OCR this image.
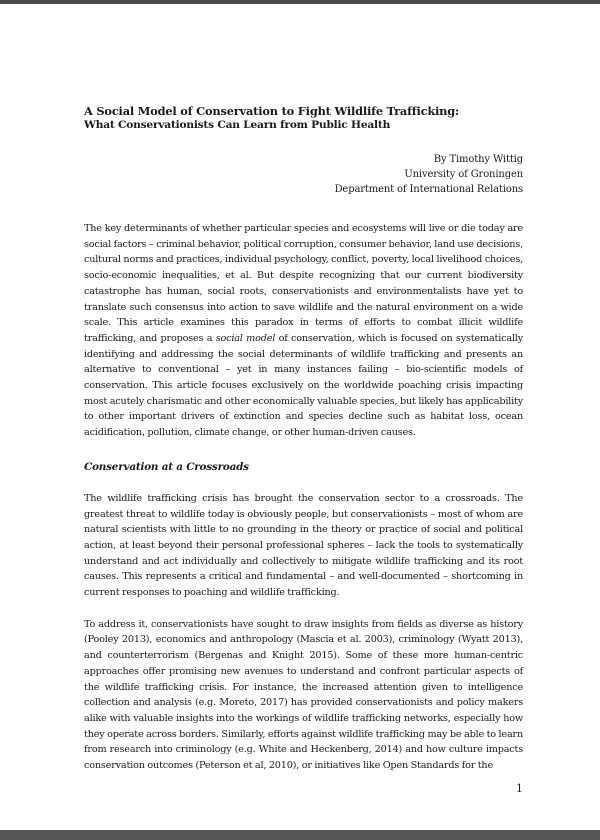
A Social Model of Conservation to Fight Wildlife Trafficking:
What Conservationists Can Learn from Public Health
By Timothy Wittig
University of Groningen
Department of International Relations
The key determinants of whether particular species and ecosystems will live or die today are social factors – criminal behavior, political corruption, consumer behavior, land use decisions, cultural norms and practices, individual psychology, conflict, poverty, local livelihood choices, socio-economic inequalities, et al. But despite recognizing that our current biodiversity catastrophe has human, social roots, conservationists and environmentalists have yet to translate such consensus into action to save wildlife and the natural environment on a wide scale. This article examines this paradox in terms of efforts to combat illicit wildlife trafficking, and proposes a social model of conservation, which is focused on systematically identifying and addressing the social determinants of wildlife trafficking and presents an alternative to conventional – yet in many instances failing – bio-scientific models of conservation. This article focuses exclusively on the worldwide poaching crisis impacting most acutely charismatic and other economically valuable species, but likely has applicability to other important drivers of extinction and species decline such as habitat loss, ocean acidification, pollution, climate change, or other human-driven causes.
Conservation at a Crossroads
The wildlife trafficking crisis has brought the conservation sector to a crossroads. The greatest threat to wildlife today is obviously people, but conservationists – most of whom are natural scientists with little to no grounding in the theory or practice of social and political action, at least beyond their personal professional spheres – lack the tools to systematically understand and act individually and collectively to mitigate wildlife trafficking and its root causes. This represents a critical and fundamental – and well-documented – shortcoming in current responses to poaching and wildlife trafficking.
To address it, conservationists have sought to draw insights from fields as diverse as history (Pooley 2013), economics and anthropology (Mascia et al. 2003), criminology (Wyatt 2013), and counterterrorism (Bergenas and Knight 2015). Some of these more human-centric approaches offer promising new avenues to understand and confront particular aspects of the wildlife trafficking crisis. For instance, the increased attention given to intelligence collection and analysis (e.g. Moreto, 2017) has provided conservationists and policy makers alike with valuable insights into the workings of wildlife trafficking networks, especially how they operate across borders. Similarly, efforts against wildlife trafficking may be able to learn from research into criminology (e.g. White and Heckenberg, 2014) and how culture impacts conservation outcomes (Peterson et al, 2010), or initiatives like Open Standards for the
1
